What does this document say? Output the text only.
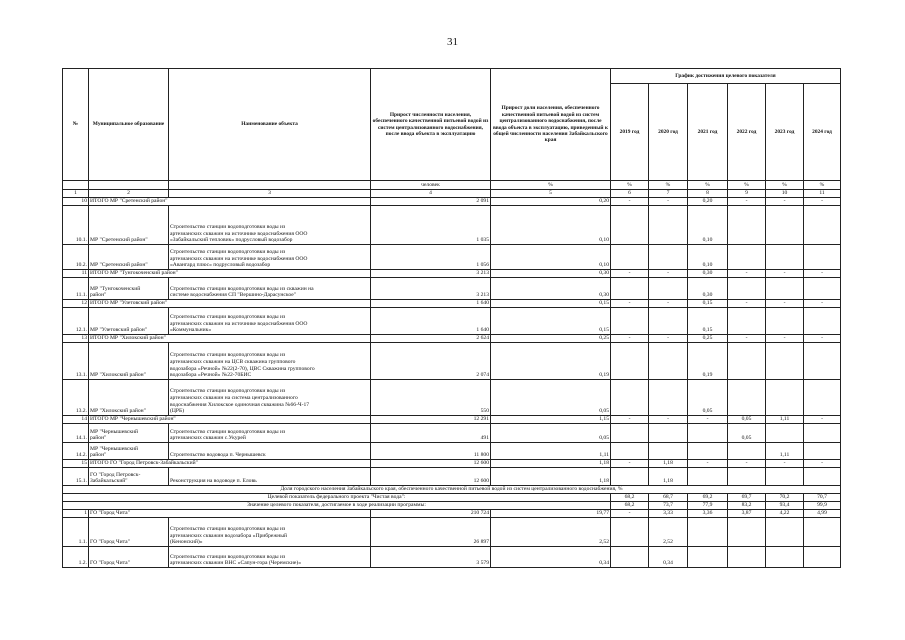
31
№	Муниципальное образование	Наименование объекта	Прирост численности населения, обеспеченного качественной питьевой водой из систем централизованного водоснабжения, после ввода объекта в эксплуатацию	Прирост доли населения, обеспеченного качественной питьевой водой из систем централизованного водоснабжения, после ввода объекта в эксплуатацию, приведенный к общей численности населения Забайкальского края	График достижения целевого показателя					
					2019 год	2020 год	2021 год	2022 год	2023 год	2024 год
			человек	%	%	%	%	%	%	%
1	2	3	4	5	6	7	8	9	10	11
10	ИТОГО МР "Сретенский район"		2 091	0,20	-	-	0,20	-	-	-
10.1.	МР "Сретенский район"	Строительство станции водоподготовки воды из
артезианских скважин на источнике водоснабжения ООО
«Забайкальский тепловик» подрусловый водозабор	1 035	0,10			0,10			
10.2.	МР "Сретенский район"	Строительство станции водоподготовки воды из
артезианских скважин на источнике водоснабжения ООО
«Авангард плюс» подрусловый водозабор	1 056	0,10			0,10			
11	ИТОГО МР "Тунгокоченский район"		3 213	0,30	-	-	0,30	-	-	-
11.1.	МР "Тунгокоченский
район"	Строительство станции водоподготовки воды из скважин на
системе водоснабжения СП "Вершино-Дарасунское"	3 213	0,30			0,30			
12	ИТОГО МР "Улетовский район"		1 640	0,15	-	-	0,15	-	-	-
12.1.	МР "Улетовский район"	Строительство станции водоподготовки воды из
артезианских скважин на источнике водоснабжения ООО
«Коммунальник»	1 640	0,15			0,15			
13	ИТОГО МР "Хилокский район"		2 624	0,25	-	-	0,25	-	-	-
13.1.	МР "Хилокский район"	Строительство станции водоподготовки воды из
артезианских скважин на ЦСВ скважина группового
водозабора «Речной» №22(2-70), ЦВС Скважина группового
водозабора «Речной» №22-70БИС	2 074	0,19			0,19			
13.2.	МР "Хилокский район"	Строительство станции водоподготовки воды из
артезианских скважин на система централизованного
водоснабжения Хилокское одиночная скважина №66-Ч-17
(ЦРБ)	550	0,05			0,05			
14	ИТОГО МР "Чернышевский район"		12 291	1,15	-	-	-	0,05	1,11	-
14.1.	МР "Чернышевский
район"	Строительство станции водоподготовки воды из
артезианских скважин с.Укурей	491	0,05				0,05		
14.2.	МР "Чернышевский
район"	Строительство водовода п. Чернышевск	11 800	1,11					1,11	
15	ИТОГО ГО "Город Петровск-Забайкальский"		12 600	1,18	-	1,18	-	-	-	-
15.1.	ГО "Город Петровск-
Забайкальский"	Реконструкция на водоводе п. Еловь	12 600	1,18		1,18				
Доля городского населения Забайкальского края, обеспеченного качественной питьевой водой из систем централизованного водоснабжения, %										
Целевой показатель федерального проекта "Чистая вода":					68,2	68,7	69,2	69,7	70,2	70,7
Значение целевого показателя, достигаемое в ходе реализации программы:					68,2	73,7	77,9	83,2	93,4	99,9
1	ГО "Город Чита"		210 724	19,77	-	3,33	3,36	3,87	4,22	4,99
1.1.	ГО "Город Чита"	Строительство станции водоподготовки воды из
артезианских скважин водозабора «Прибрежный
(Кенонский)»	26 897	2,52		2,52				
1.2.	ГО "Город Чита"	Строительство станции водоподготовки воды из
артезианских скважин ВНС «Сапун-гора (Черемские)»	3 579	0,34		0,34				
